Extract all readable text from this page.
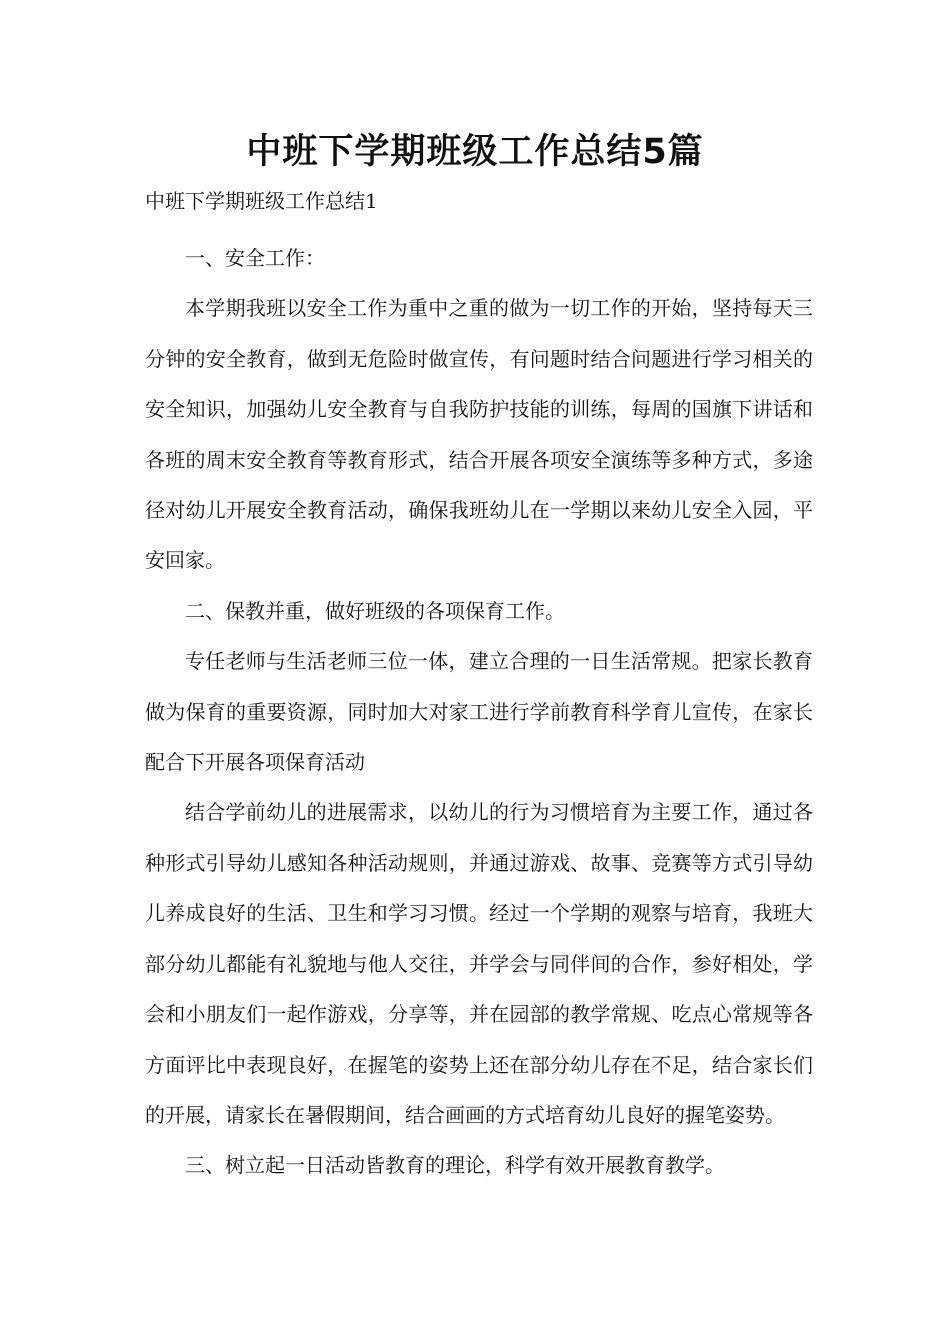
中班下学期班级工作总结5篇
中班下学期班级工作总结1

一、安全工作：

本学期我班以安全工作为重中之重的做为一切工作的开始，坚持每天三分钟的安全教育，做到无危险时做宣传，有问题时结合问题进行学习相关的安全知识，加强幼儿安全教育与自我防护技能的训练，每周的国旗下讲话和各班的周末安全教育等教育形式，结合开展各项安全演练等多种方式，多途径对幼儿开展安全教育活动，确保我班幼儿在一学期以来幼儿安全入园，平安回家。

二、保教并重，做好班级的各项保育工作。

专任老师与生活老师三位一体，建立合理的一日生活常规。把家长教育做为保育的重要资源，同时加大对家工进行学前教育科学育儿宣传，在家长配合下开展各项保育活动

结合学前幼儿的进展需求，以幼儿的行为习惯培育为主要工作，通过各种形式引导幼儿感知各种活动规则，并通过游戏、故事、竞赛等方式引导幼儿养成良好的生活、卫生和学习习惯。经过一个学期的观察与培育，我班大部分幼儿都能有礼貌地与他人交往，并学会与同伴间的合作，参好相处，学会和小朋友们一起作游戏，分享等，并在园部的教学常规、吃点心常规等各方面评比中表现良好，在握笔的姿势上还在部分幼儿存在不足，结合家长们的开展，请家长在暑假期间，结合画画的方式培育幼儿良好的握笔姿势。

三、树立起一日活动皆教育的理论，科学有效开展教育教学。
